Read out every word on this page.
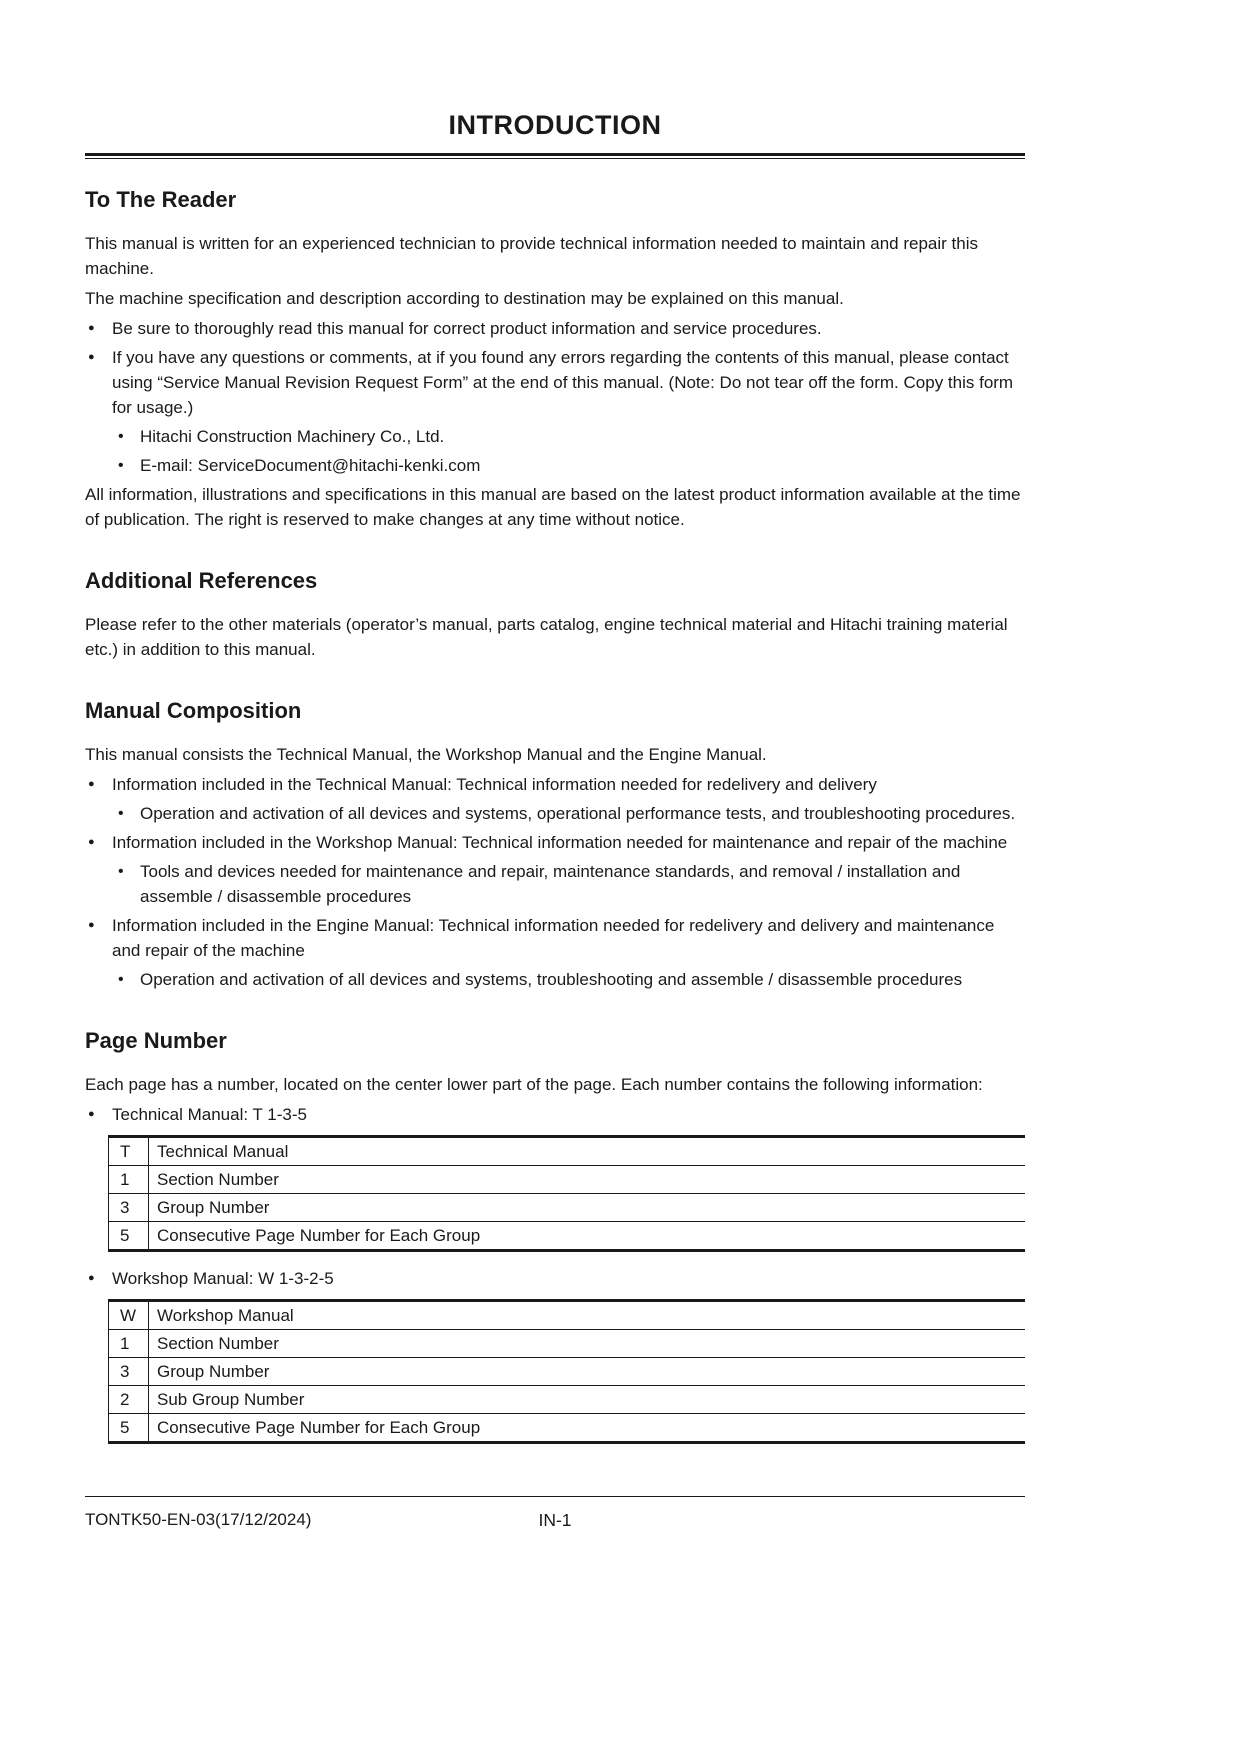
INTRODUCTION
To The Reader

This manual is written for an experienced technician to provide technical information needed to maintain and repair this machine.

The machine specification and description according to destination may be explained on this manual.

●	Be sure to thoroughly read this manual for correct product information and service procedures.
●	If you have any questions or comments, at if you found any errors regarding the contents of this manual, please contact using “Service Manual Revision Request Form” at the end of this manual. (Note: Do not tear off the form. Copy this form for usage.)
• Hitachi Construction Machinery Co., Ltd.
• E-mail: ServiceDocument@hitachi-kenki.com

All information, illustrations and specifications in this manual are based on the latest product information available at the time of publication. The right is reserved to make changes at any time without notice.

Additional References

Please refer to the other materials (operator’s manual, parts catalog, engine technical material and Hitachi training material etc.) in addition to this manual.

Manual Composition

This manual consists the Technical Manual, the Workshop Manual and the Engine Manual.

●	Information included in the Technical Manual: Technical information needed for redelivery and delivery
• Operation and activation of all devices and systems, operational performance tests, and troubleshooting procedures.
●	Information included in the Workshop Manual: Technical information needed for maintenance and repair of the machine
• Tools and devices needed for maintenance and repair, maintenance standards, and removal / installation and assemble / disassemble procedures
●	Information included in the Engine Manual: Technical information needed for redelivery and delivery and maintenance and repair of the machine
• Operation and activation of all devices and systems, troubleshooting and assemble / disassemble procedures
Page Number

Each page has a number, located on the center lower part of the page. Each number contains the following information:

●	Technical Manual: T 1-3-5
T	Technical Manual
1	Section Number
3	Group Number
5	Consecutive Page Number for Each Group
●	Workshop Manual: W 1-3-2-5
W	Workshop Manual
1	Section Number
3	Group Number
2	Sub Group Number
5	Consecutive Page Number for Each Group
TONTK50-EN-03(17/12/2024)	IN-1
